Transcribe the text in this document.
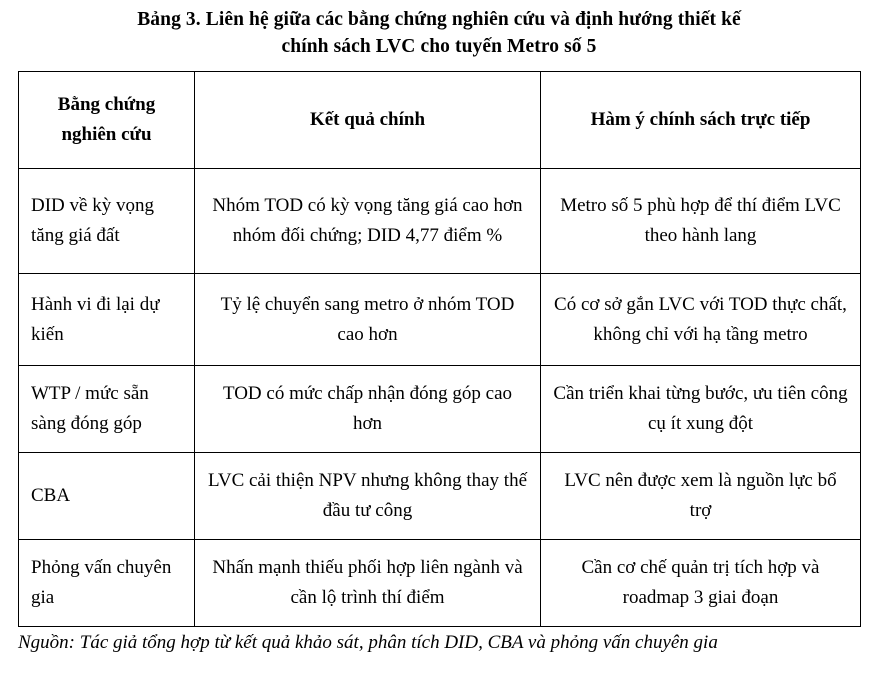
Bảng 3. Liên hệ giữa các bằng chứng nghiên cứu và định hướng thiết kế
chính sách LVC cho tuyến Metro số 5
Bằng chứng nghiên cứu	Kết quả chính	Hàm ý chính sách trực tiếp

DID về kỳ vọng tăng giá đất	Nhóm TOD có kỳ vọng tăng giá cao hơn nhóm đối chứng; DID 4,77 điểm %	Metro số 5 phù hợp để thí điểm LVC theo hành lang

Hành vi đi lại dự kiến	Tỷ lệ chuyển sang metro ở nhóm TOD cao hơn	Có cơ sở gắn LVC với TOD thực chất, không chỉ với hạ tầng metro

WTP / mức sẵn sàng đóng góp	TOD có mức chấp nhận đóng góp cao hơn	Cần triển khai từng bước, ưu tiên công cụ ít xung đột

CBA	LVC cải thiện NPV nhưng không thay thế đầu tư công	LVC nên được xem là nguồn lực bổ trợ

Phỏng vấn chuyên gia	Nhấn mạnh thiếu phối hợp liên ngành và cần lộ trình thí điểm	Cần cơ chế quản trị tích hợp và roadmap 3 giai đoạn
Nguồn: Tác giả tổng hợp từ kết quả khảo sát, phân tích DID, CBA và phỏng vấn chuyên gia
